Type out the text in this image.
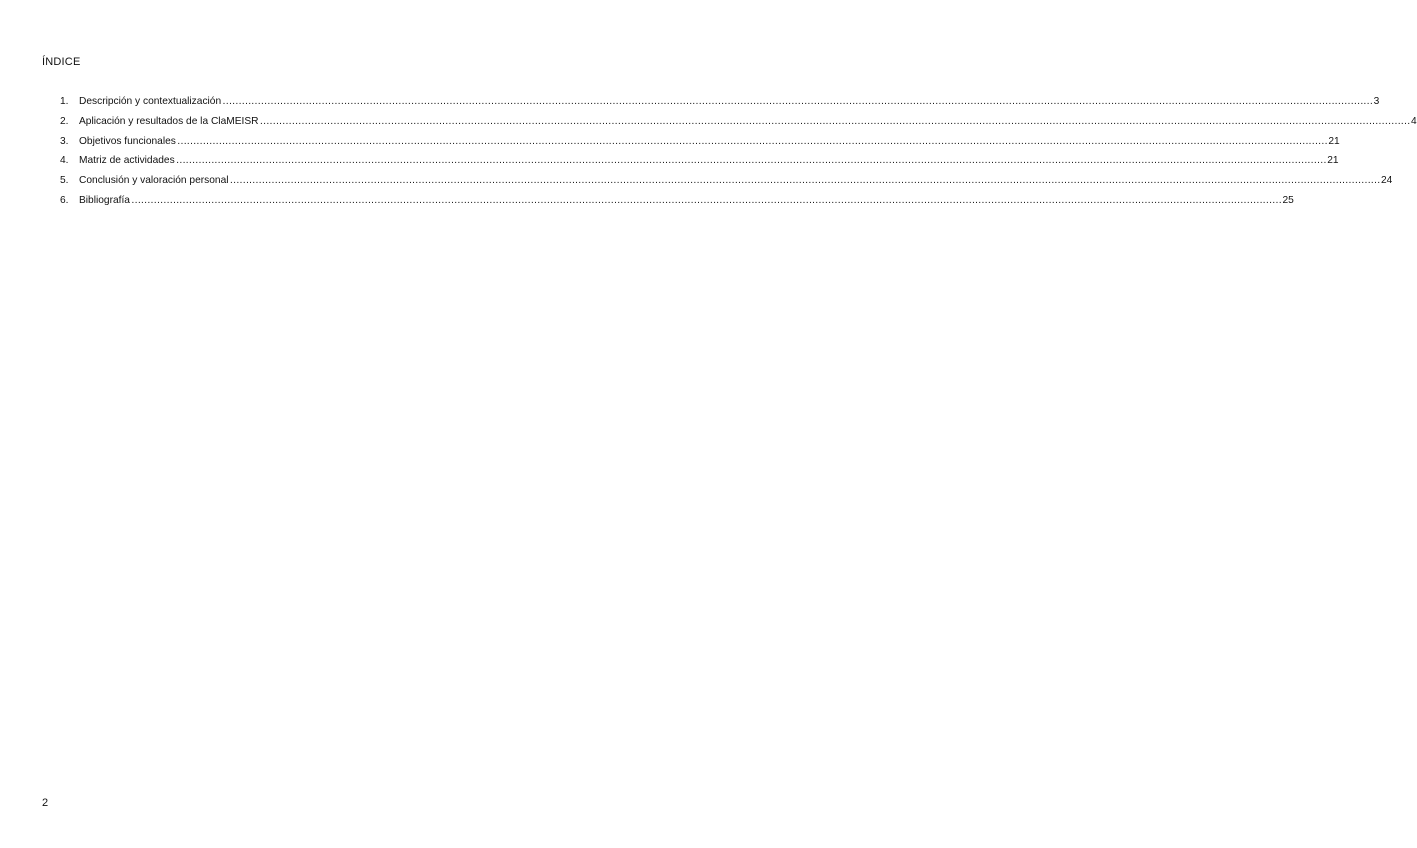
ÍNDICE
1.	Descripción y contextualización ……………………………………………………………………………………………………………………………………………………………………………………………………………………………………………………………………………………………………………………………… 3
2.	Aplicación y resultados de la ClaMEISR ……………………………………………………………………………………………………………………………………………………………………………………………………………………………………………………………………………………………………………………………… 4
3.	Objetivos funcionales ……………………………………………………………………………………………………………………………………………………………………………………………………………………………………………………………………………………………………………………………… 21
4.	Matriz de actividades ……………………………………………………………………………………………………………………………………………………………………………………………………………………………………………………………………………………………………………………………… 21
5.	Conclusión y valoración personal ……………………………………………………………………………………………………………………………………………………………………………………………………………………………………………………………………………………………………………………………… 24
6.	Bibliografía ……………………………………………………………………………………………………………………………………………………………………………………………………………………………………………………………………………………………………………………………… 25
2
